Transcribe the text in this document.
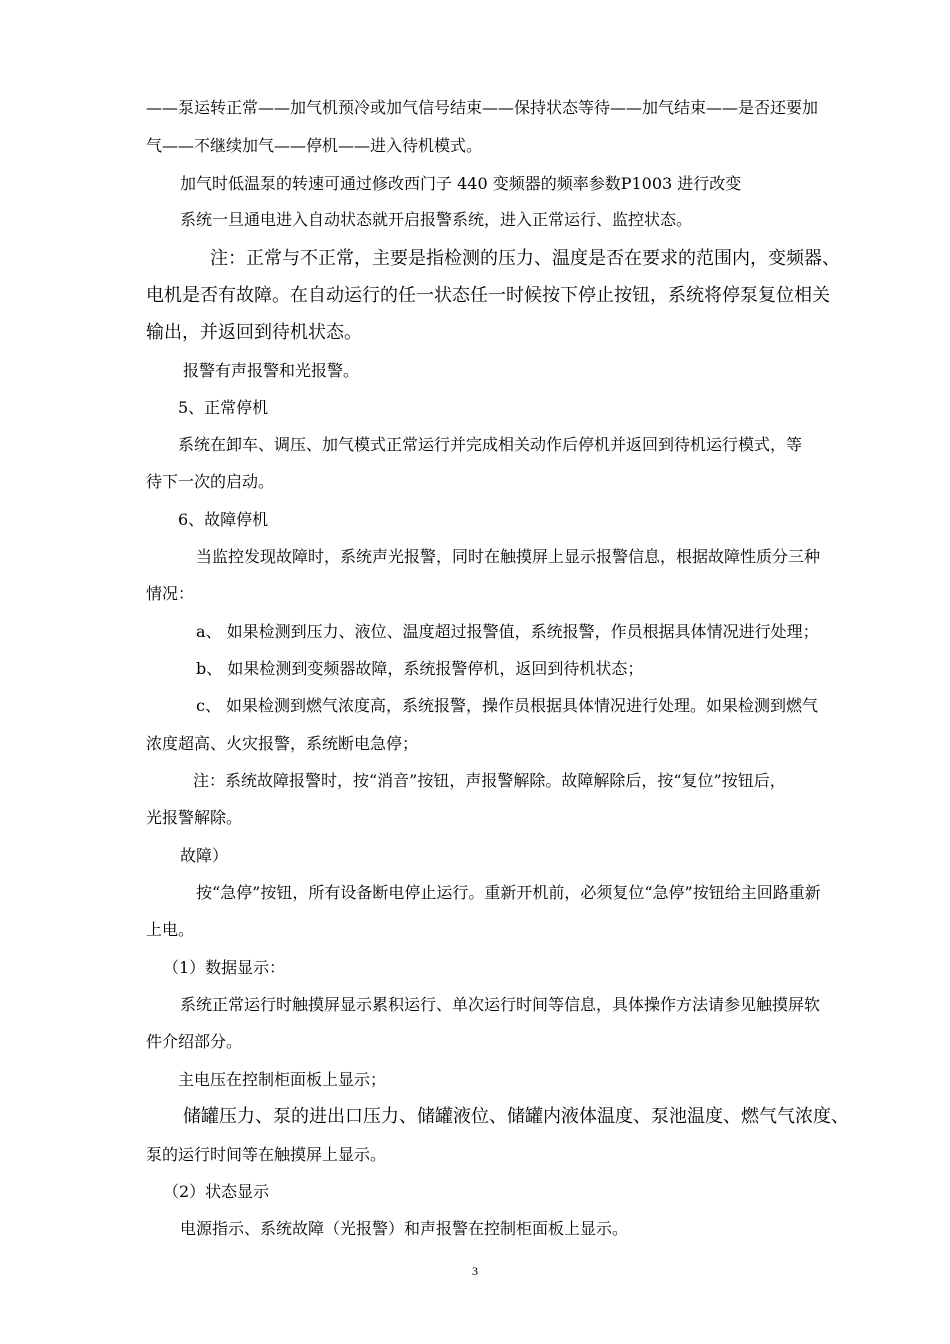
——泵运转正常——加气机预冷或加气信号结束——保持状态等待——加气结束——是否还要加
气——不继续加气——停机——进入待机模式。
加气时低温泵的转速可通过修改西门子 440 变频器的频率参数P1003 进行改变
系统一旦通电进入自动状态就开启报警系统，进入正常运行、监控状态。
注：正常与不正常，主要是指检测的压力、温度是否在要求的范围内，变频器、
电机是否有故障。在自动运行的任一状态任一时候按下停止按钮，系统将停泵复位相关
输出，并返回到待机状态。
报警有声报警和光报警。
5、正常停机
系统在卸车、调压、加气模式正常运行并完成相关动作后停机并返回到待机运行模式，等
待下一次的启动。
6、故障停机
当监控发现故障时，系统声光报警，同时在触摸屏上显示报警信息，根据故障性质分三种
情况：
a、 如果检测到压力、液位、温度超过报警值，系统报警，作员根据具体情况进行处理；
b、 如果检测到变频器故障，系统报警停机，返回到待机状态；
c、 如果检测到燃气浓度高，系统报警，操作员根据具体情况进行处理。如果检测到燃气
浓度超高、火灾报警，系统断电急停；
注：系统故障报警时，按“消音”按钮，声报警解除。故障解除后，按“复位”按钮后，
光报警解除。
故障）
按“急停”按钮，所有设备断电停止运行。重新开机前，必须复位“急停”按钮给主回路重新
上电。
（1）数据显示：
系统正常运行时触摸屏显示累积运行、单次运行时间等信息，具体操作方法请参见触摸屏软
件介绍部分。
主电压在控制柜面板上显示；
储罐压力、泵的进出口压力、储罐液位、储罐内液体温度、泵池温度、燃气气浓度、
泵的运行时间等在触摸屏上显示。
（2）状态显示
电源指示、系统故障（光报警）和声报警在控制柜面板上显示。
3
